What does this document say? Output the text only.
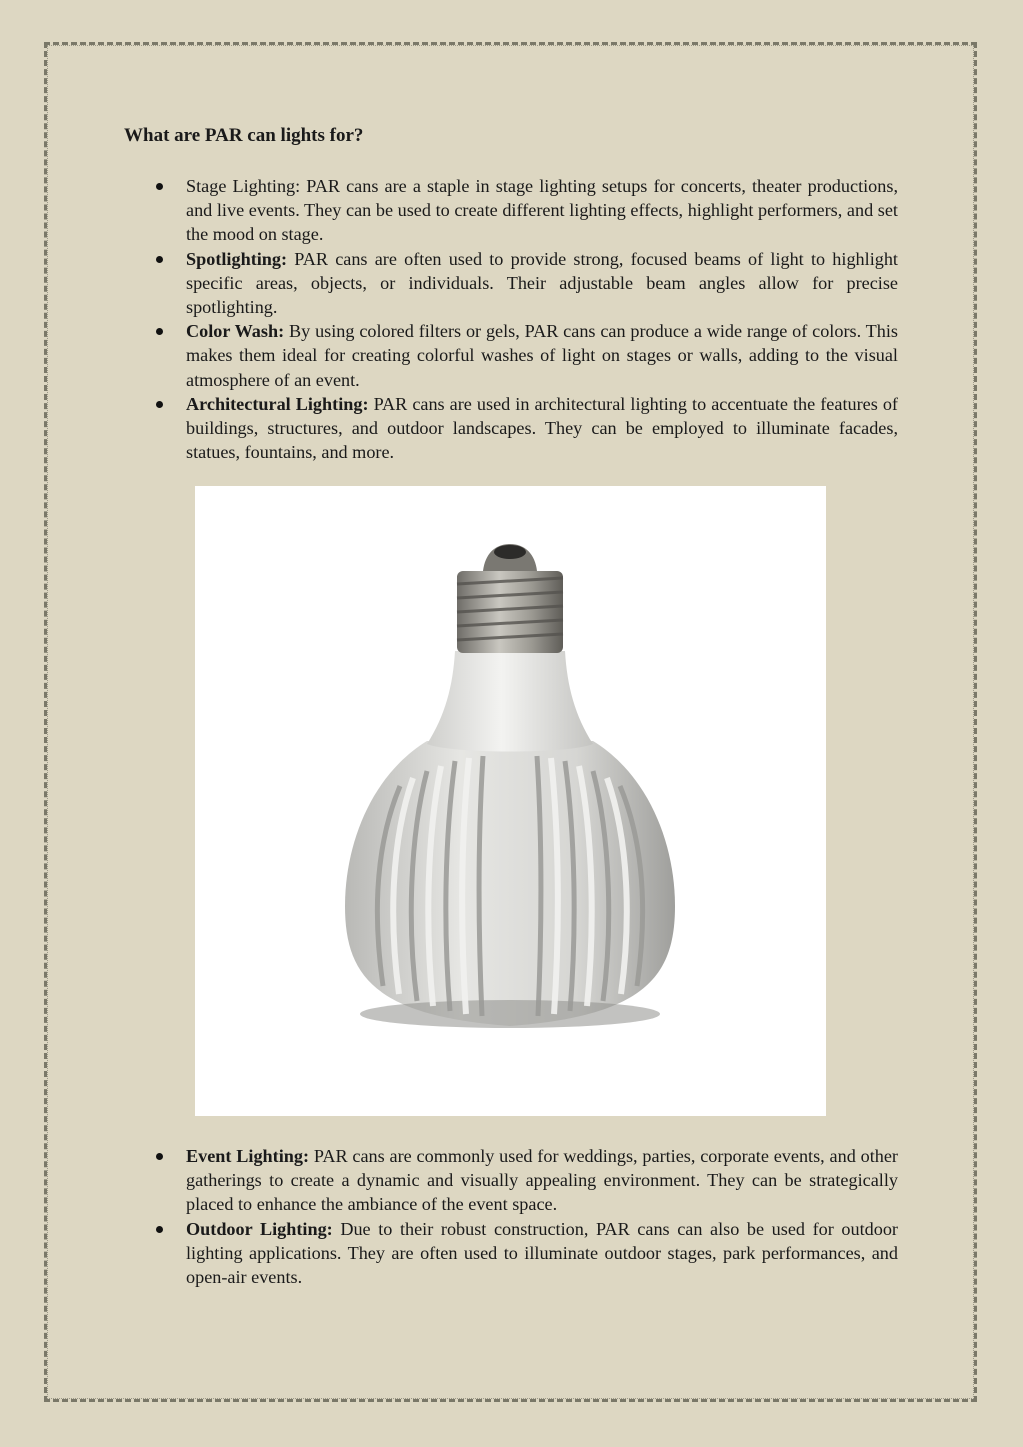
What are PAR can lights for?
Stage Lighting: PAR cans are a staple in stage lighting setups for concerts, theater productions, and live events. They can be used to create different lighting effects, highlight performers, and set the mood on stage.
Spotlighting: PAR cans are often used to provide strong, focused beams of light to highlight specific areas, objects, or individuals. Their adjustable beam angles allow for precise spotlighting.
Color Wash: By using colored filters or gels, PAR cans can produce a wide range of colors. This makes them ideal for creating colorful washes of light on stages or walls, adding to the visual atmosphere of an event.
Architectural Lighting: PAR cans are used in architectural lighting to accentuate the features of buildings, structures, and outdoor landscapes. They can be employed to illuminate facades, statues, fountains, and more.
Event Lighting: PAR cans are commonly used for weddings, parties, corporate events, and other gatherings to create a dynamic and visually appealing environment. They can be strategically placed to enhance the ambiance of the event space.
Outdoor Lighting: Due to their robust construction, PAR cans can also be used for outdoor lighting applications. They are often used to illuminate outdoor stages, park performances, and open-air events.
